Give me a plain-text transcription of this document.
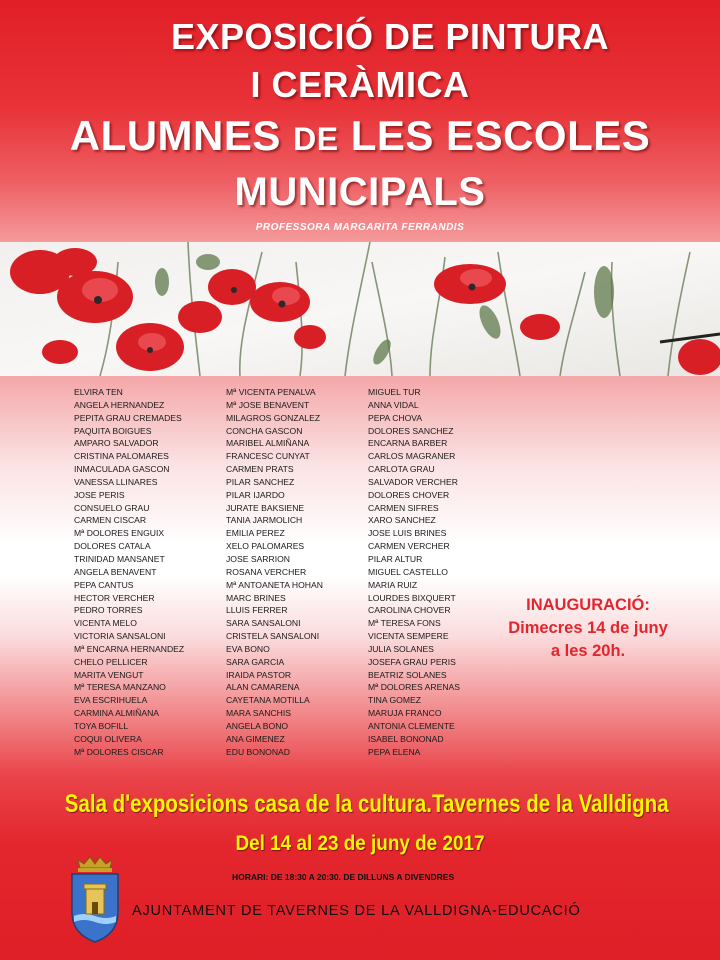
EXPOSICIÓ DE PINTURA
I CERÀMICA
ALUMNES DE LES ESCOLES
MUNICIPALS

PROFESSORA MARGARITA FERRANDIS

ELVIRA TEN
ANGELA HERNANDEZ
PEPITA GRAU CREMADES
PAQUITA BOIGUES
AMPARO SALVADOR
CRISTINA PALOMARES
INMACULADA GASCON
VANESSA LLINARES
JOSE PERIS
CONSUELO GRAU
CARMEN CISCAR
Mª DOLORES ENGUIX
DOLORES CATALA
TRINIDAD MANSANET
ANGELA BENAVENT
PEPA CANTUS
HECTOR VERCHER
PEDRO TORRES
VICENTA MELO
VICTORIA SANSALONI
Mª ENCARNA HERNANDEZ
CHELO PELLICER
MARITA VENGUT
Mª TERESA MANZANO
EVA ESCRIHUELA
CARMINA ALMIÑANA
TOYA BOFILL
COQUI OLIVERA
Mª DOLORES CISCAR
Mª VICENTA PENALVA
Mª JOSE BENAVENT
MILAGROS GONZALEZ
CONCHA GASCON
MARIBEL ALMIÑANA
FRANCESC CUNYAT
CARMEN PRATS
PILAR SANCHEZ
PILAR IJARDO
JURATE BAKSIENE
TANIA JARMOLICH
EMILIA PEREZ
XELO PALOMARES
JOSE SARRION
ROSANA VERCHER
Mª ANTOANETA HOHAN
MARC BRINES
LLUIS FERRER
SARA SANSALONI
CRISTELA SANSALONI
EVA BONO
SARA GARCIA
IRAIDA PASTOR
ALAN CAMARENA
CAYETANA MOTILLA
MARA SANCHIS
ANGELA BONO
ANA GIMENEZ
EDU BONONAD
MIGUEL TUR
ANNA VIDAL
PEPA CHOVA
DOLORES SANCHEZ
ENCARNA BARBER
CARLOS MAGRANER
CARLOTA GRAU
SALVADOR VERCHER
DOLORES CHOVER
CARMEN SIFRES
XARO SANCHEZ
JOSE LUIS BRINES
CARMEN VERCHER
PILAR ALTUR
MIGUEL CASTELLO
MARIA RUIZ
LOURDES BIXQUERT
CAROLINA CHOVER
Mª TERESA FONS
VICENTA SEMPERE
JULIA SOLANES
JOSEFA GRAU PERIS
BEATRIZ SOLANES
Mª DOLORES ARENAS
TINA GOMEZ
MARUJA FRANCO
ANTONIA CLEMENTE
ISABEL BONONAD
PEPA ELENA
INAUGURACIÓ:
Dimecres 14 de juny
a les 20h.

Sala d'exposicions casa de la cultura.Tavernes de la Valldigna

Del 14 al 23 de juny de 2017

HORARI: DE 18:30 A 20:30. DE DILLUNS A DIVENDRES

AJUNTAMENT DE TAVERNES DE LA VALLDIGNA-EDUCACIÓ
